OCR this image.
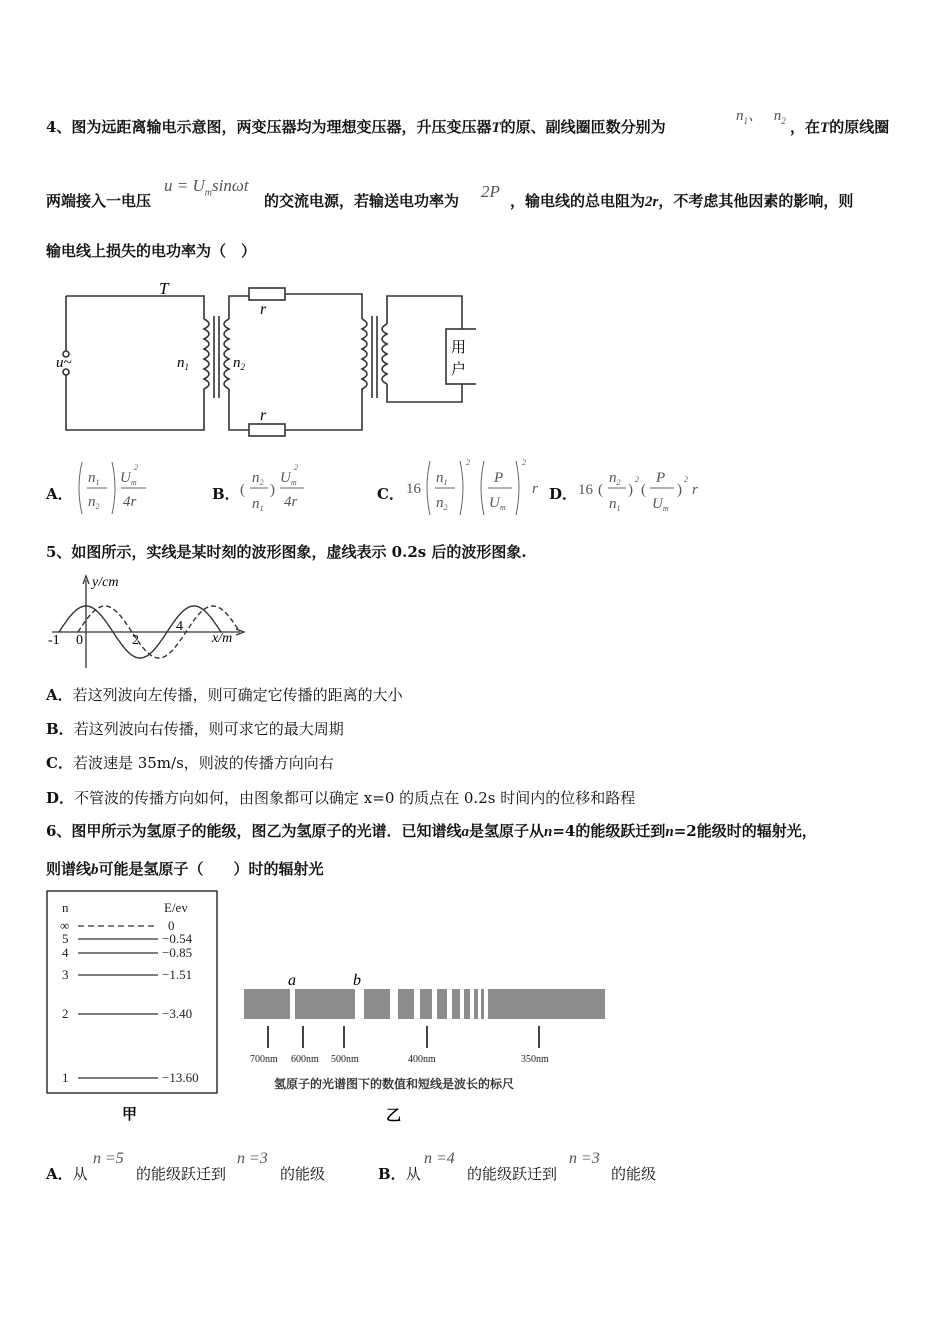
4、图为远距离输电示意图，两变压器均为理想变压器，升压变压器T的原、副线圈匝数分别为
$n_1$、 $n_2$ ，在T的原线圈
两端接入一电压
$u = U_m\sin\omega t$
的交流电源，若输送电功率为 2P ，输电线的总电阻为2r，不考虑其他因素的影响，则
输电线上损失的电功率为（　）
T
u~	$n_1$	$n_2$
r
r
用
户
A．
$n_1$
$n_2$
$U_m$
2
4r	B． (
$n_2$
$n_1$
)
$U_m$
2
4r	C． 16
$n_1$
$n_2$
2
P
$U_m$
2
r D． 16 (
$n_2$
$n_1$
)
2
(
P
$U_m$
)
2
r
5、如图所示，实线是某时刻的波形图象，虚线表示 0.2s 后的波形图象.
y/cm
x/m
-1 0	2
4
A．若这列波向左传播，则可确定它传播的距离的大小
B．若这列波向右传播，则可求它的最大周期
C．若波速是 35m/s，则波的传播方向向右
D．不管波的传播方向如何，由图象都可以确定 x=0 的质点在 0.2s 时间内的位移和路程
6、图甲所示为氢原子的能级，图乙为氢原子的光谱．已知谱线a是氢原子从n=4的能级跃迁到n=2能级时的辐射光，
则谱线b可能是氢原子（　　）时的辐射光
n	E/ev
∞	0
5	−0.54
4	−0.85
3	−1.51
2	−3.40
1	−13.60
甲
a	b
700nm 600nm 500nm	400nm	350nm
氢原子的光谱图下的数值和短线是波长的标尺
乙
A．从
n =5
的能级跃迁到
n =3
的能级	B．从
n =4
的能级跃迁到
n =3
的能级
